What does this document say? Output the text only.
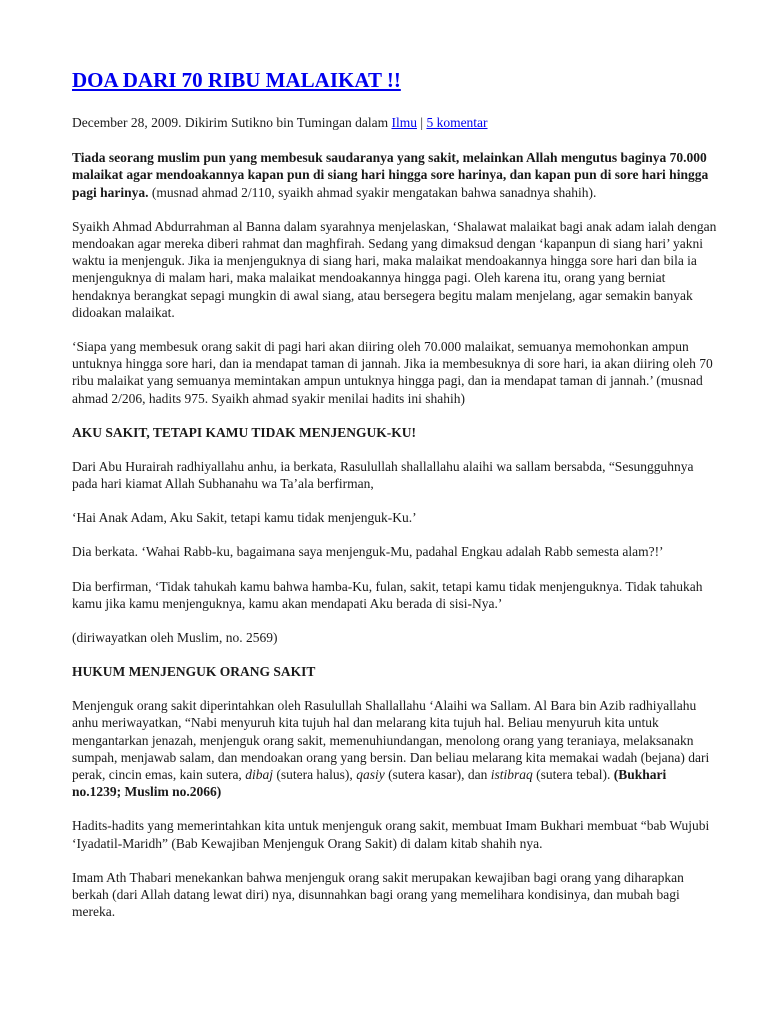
DOA DARI 70 RIBU MALAIKAT !!
December 28, 2009. Dikirim Sutikno bin Tumingan dalam Ilmu | 5 komentar

Tiada seorang muslim pun yang membesuk saudaranya yang sakit, melainkan Allah mengutus baginya 70.000 malaikat agar mendoakannya kapan pun di siang hari hingga sore harinya, dan kapan pun di sore hari hingga pagi harinya. (musnad ahmad 2/110, syaikh ahmad syakir mengatakan bahwa sanadnya shahih).

Syaikh Ahmad Abdurrahman al Banna dalam syarahnya menjelaskan, ‘Shalawat malaikat bagi anak adam ialah dengan mendoakan agar mereka diberi rahmat dan maghfirah. Sedang yang dimaksud dengan ‘kapanpun di siang hari’ yakni waktu ia menjenguk. Jika ia menjenguknya di siang hari, maka malaikat mendoakannya hingga sore hari dan bila ia menjenguknya di malam hari, maka malaikat mendoakannya hingga pagi. Oleh karena itu, orang yang berniat hendaknya berangkat sepagi mungkin di awal siang, atau bersegera begitu malam menjelang, agar semakin banyak didoakan malaikat.

‘Siapa yang membesuk orang sakit di pagi hari akan diiring oleh 70.000 malaikat, semuanya memohonkan ampun untuknya hingga sore hari, dan ia mendapat taman di jannah. Jika ia membesuknya di sore hari, ia akan diiring oleh 70 ribu malaikat yang semuanya memintakan ampun untuknya hingga pagi, dan ia mendapat taman di jannah.’ (musnad ahmad 2/206, hadits 975. Syaikh ahmad syakir menilai hadits ini shahih)

AKU SAKIT, TETAPI KAMU TIDAK MENJENGUK-KU!

Dari Abu Hurairah radhiyallahu anhu, ia berkata, Rasulullah shallallahu alaihi wa sallam bersabda, “Sesungguhnya pada hari kiamat Allah Subhanahu wa Ta’ala berfirman,

‘Hai Anak Adam, Aku Sakit, tetapi kamu tidak menjenguk-Ku.’

Dia berkata. ‘Wahai Rabb-ku, bagaimana saya menjenguk-Mu, padahal Engkau adalah Rabb semesta alam?!’

Dia berfirman, ‘Tidak tahukah kamu bahwa hamba-Ku, fulan, sakit, tetapi kamu tidak menjenguknya. Tidak tahukah kamu jika kamu menjenguknya, kamu akan mendapati Aku berada di sisi-Nya.’

(diriwayatkan oleh Muslim, no. 2569)

HUKUM MENJENGUK ORANG SAKIT

Menjenguk orang sakit diperintahkan oleh Rasulullah Shallallahu ‘Alaihi wa Sallam. Al Bara bin Azib radhiyallahu anhu meriwayatkan, “Nabi menyuruh kita tujuh hal dan melarang kita tujuh hal. Beliau menyuruh kita untuk mengantarkan jenazah, menjenguk orang sakit, memenuhiundangan, menolong orang yang teraniaya, melaksanakn sumpah, menjawab salam, dan mendoakan orang yang bersin. Dan beliau melarang kita memakai wadah (bejana) dari perak, cincin emas, kain sutera, dibaj (sutera halus), qasiy (sutera kasar), dan istibraq (sutera tebal). (Bukhari no.1239; Muslim no.2066)

Hadits-hadits yang memerintahkan kita untuk menjenguk orang sakit, membuat Imam Bukhari membuat “bab Wujubi ‘Iyadatil-Maridh” (Bab Kewajiban Menjenguk Orang Sakit) di dalam kitab shahih nya.

Imam Ath Thabari menekankan bahwa menjenguk orang sakit merupakan kewajiban bagi orang yang diharapkan berkah (dari Allah datang lewat diri) nya, disunnahkan bagi orang yang memelihara kondisinya, dan mubah bagi mereka.
